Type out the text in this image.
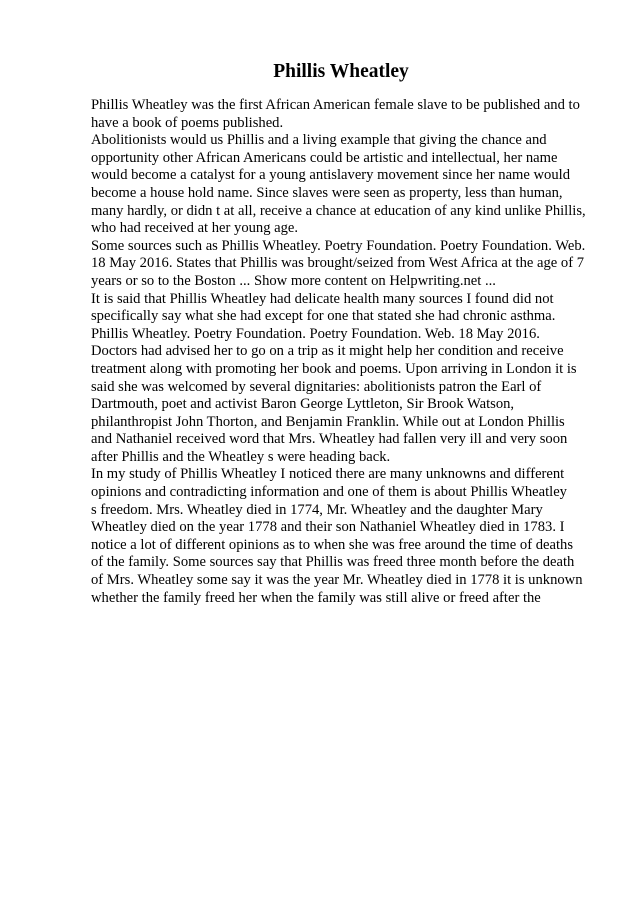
Phillis Wheatley
Phillis Wheatley was the first African American female slave to be published and to
have a book of poems published.
Abolitionists would us Phillis and a living example that giving the chance and
opportunity other African Americans could be artistic and intellectual, her name
would become a catalyst for a young antislavery movement since her name would
become a house hold name. Since slaves were seen as property, less than human,
many hardly, or didn t at all, receive a chance at education of any kind unlike Phillis,
who had received at her young age.
Some sources such as Phillis Wheatley. Poetry Foundation. Poetry Foundation. Web.
18 May 2016. States that Phillis was brought/seized from West Africa at the age of 7
years or so to the Boston ... Show more content on Helpwriting.net ...
It is said that Phillis Wheatley had delicate health many sources I found did not
specifically say what she had except for one that stated she had chronic asthma.
Phillis Wheatley. Poetry Foundation. Poetry Foundation. Web. 18 May 2016.
Doctors had advised her to go on a trip as it might help her condition and receive
treatment along with promoting her book and poems. Upon arriving in London it is
said she was welcomed by several dignitaries: abolitionists patron the Earl of
Dartmouth, poet and activist Baron George Lyttleton, Sir Brook Watson,
philanthropist John Thorton, and Benjamin Franklin. While out at London Phillis
and Nathaniel received word that Mrs. Wheatley had fallen very ill and very soon
after Phillis and the Wheatley s were heading back.
In my study of Phillis Wheatley I noticed there are many unknowns and different
opinions and contradicting information and one of them is about Phillis Wheatley
s freedom. Mrs. Wheatley died in 1774, Mr. Wheatley and the daughter Mary
Wheatley died on the year 1778 and their son Nathaniel Wheatley died in 1783. I
notice a lot of different opinions as to when she was free around the time of deaths
of the family. Some sources say that Phillis was freed three month before the death
of Mrs. Wheatley some say it was the year Mr. Wheatley died in 1778 it is unknown
whether the family freed her when the family was still alive or freed after the
